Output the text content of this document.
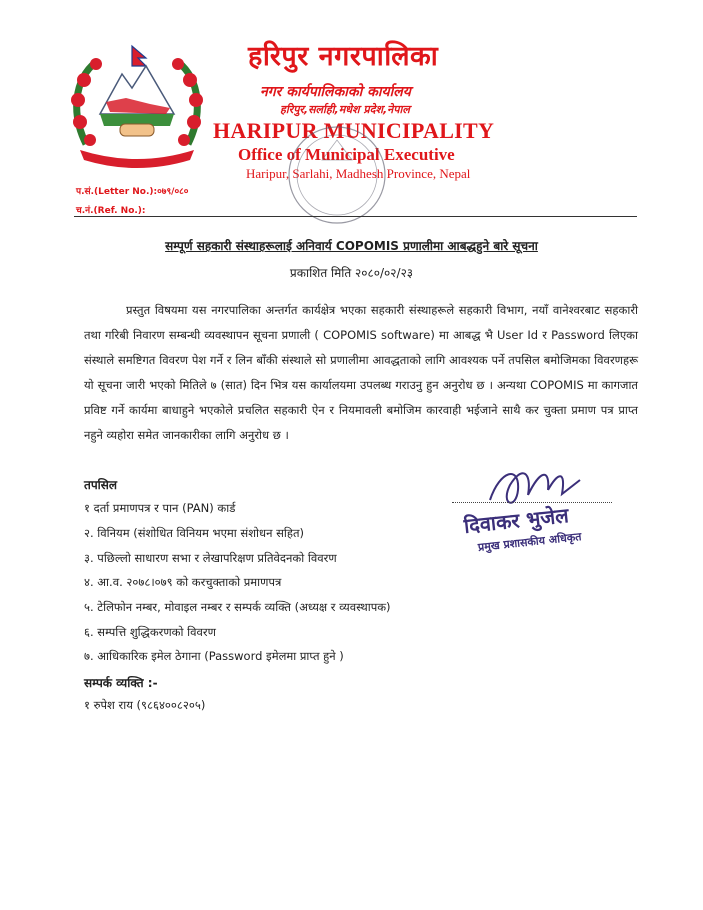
हरिपुर नगरपालिका
नगर कार्यपालिकाको कार्यालय
हरिपुर,सर्लाही,मधेश प्रदेश,नेपाल
HARIPUR MUNICIPALITY
Office of Municipal Executive
Haripur, Sarlahi, Madhesh Province, Nepal
प.सं.(Letter No.):०७९/०८०
च.नं.(Ref. No.):
सम्पूर्ण सहकारी संस्थाहरूलाई अनिवार्य COPOMIS प्रणालीमा आबद्धहुने बारे सूचना
प्रकाशित मिति २०८०/०२/२३
प्रस्तुत विषयमा यस नगरपालिका अन्तर्गत कार्यक्षेत्र भएका सहकारी संस्थाहरूले सहकारी विभाग, नयाँ वानेश्वरबाट सहकारी तथा गरिबी निवारण सम्बन्धी व्यवस्थापन सूचना प्रणाली ( COPOMIS software) मा आबद्ध भै User Id र Password लिएका संस्थाले समष्टिगत विवरण पेश गर्ने र लिन बाँकी संस्थाले सो प्रणालीमा आवद्धताको लागि आवश्यक पर्ने तपसिल बमोजिमका विवरणहरू यो सूचना जारी भएको मितिले ७ (सात) दिन भित्र यस कार्यालयमा उपलब्ध गराउनु हुन अनुरोध छ । अन्यथा COPOMIS मा कागजात प्रविष्ट गर्ने कार्यमा बाधाहुने भएकोले प्रचलित सहकारी ऐन र नियमावली बमोजिम कारवाही भईजाने साथै कर चुक्ता प्रमाण पत्र प्राप्त नहुने व्यहोरा समेत जानकारीका लागि अनुरोध छ ।
तपसिल
१ दर्ता प्रमाणपत्र र पान (PAN) कार्ड
२. विनियम (संशोधित विनियम भएमा संशोधन सहित)
३. पछिल्लो साधारण सभा र लेखापरिक्षण प्रतिवेदनको विवरण
४. आ.व. २०७८।०७९ को करचुक्ताको प्रमाणपत्र
५. टेलिफोन नम्बर, मोवाइल नम्बर र सम्पर्क व्यक्ति (अध्यक्ष र व्यवस्थापक)
६. सम्पत्ति शुद्धिकरणको विवरण
७. आधिकारिक इमेल ठेगाना (Password इमेलमा प्राप्त हुने )
सम्पर्क व्यक्ति :-
१ रुपेश राय (९८६४००८२०५)
दिवाकर भुजेल
प्रमुख प्रशासकीय अधिकृत
